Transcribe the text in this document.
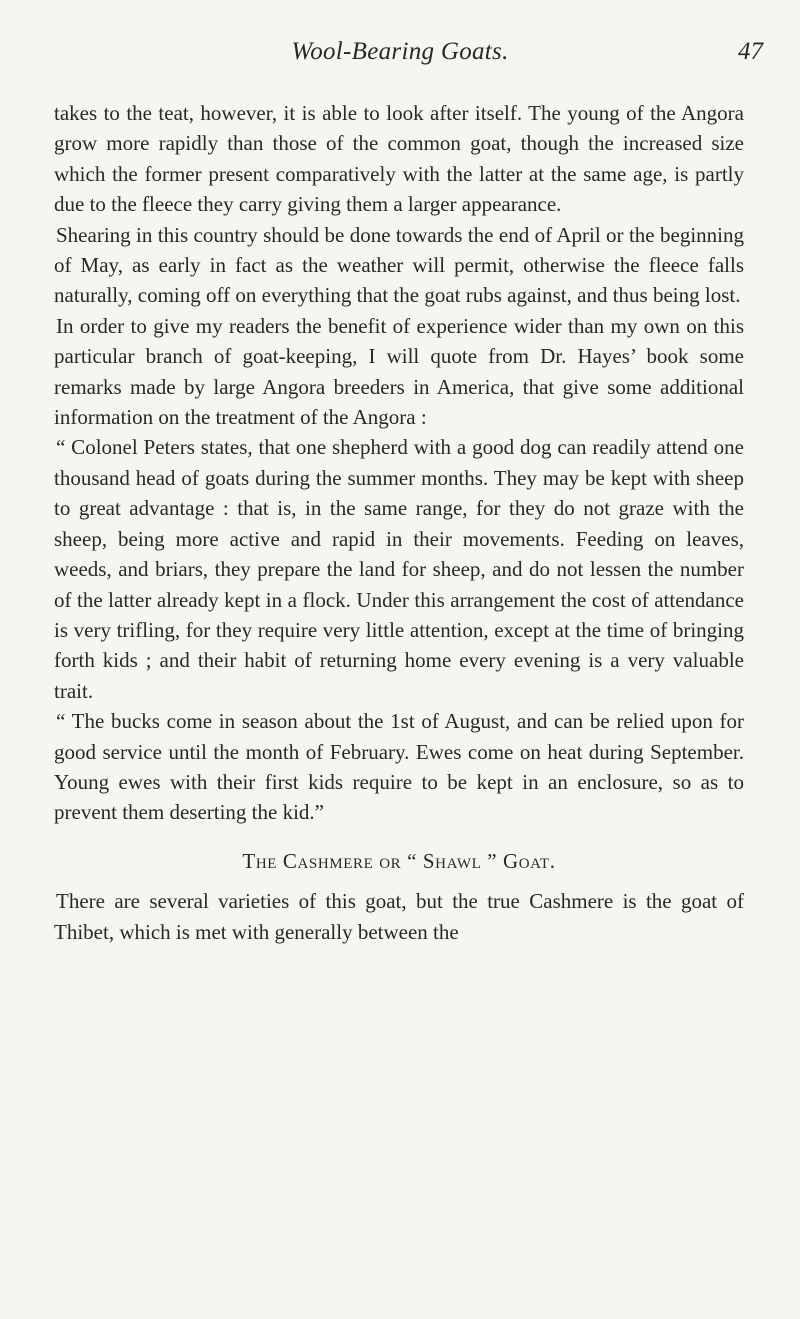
Wool-Bearing Goats.	47

takes to the teat, however, it is able to look after itself. The young of the Angora grow more rapidly than those of the common goat, though the increased size which the former present comparatively with the latter at the same age, is partly due to the fleece they carry giving them a larger appearance.

Shearing in this country should be done towards the end of April or the beginning of May, as early in fact as the weather will permit, otherwise the fleece falls naturally, coming off on everything that the goat rubs against, and thus being lost.

In order to give my readers the benefit of experience wider than my own on this particular branch of goat-keeping, I will quote from Dr. Hayes’ book some remarks made by large Angora breeders in America, that give some additional information on the treatment of the Angora :

“ Colonel Peters states, that one shepherd with a good dog can readily attend one thousand head of goats during the summer months. They may be kept with sheep to great advantage : that is, in the same range, for they do not graze with the sheep, being more active and rapid in their movements. Feeding on leaves, weeds, and briars, they prepare the land for sheep, and do not lessen the number of the latter already kept in a flock. Under this arrangement the cost of attendance is very trifling, for they require very little attention, except at the time of bringing forth kids ; and their habit of returning home every evening is a very valuable trait.

“ The bucks come in season about the 1st of August, and can be relied upon for good service until the month of February. Ewes come on heat during September. Young ewes with their first kids require to be kept in an enclosure, so as to prevent them deserting the kid.”

The Cashmere or “ Shawl ” Goat.

There are several varieties of this goat, but the true Cashmere is the goat of Thibet, which is met with generally between the
